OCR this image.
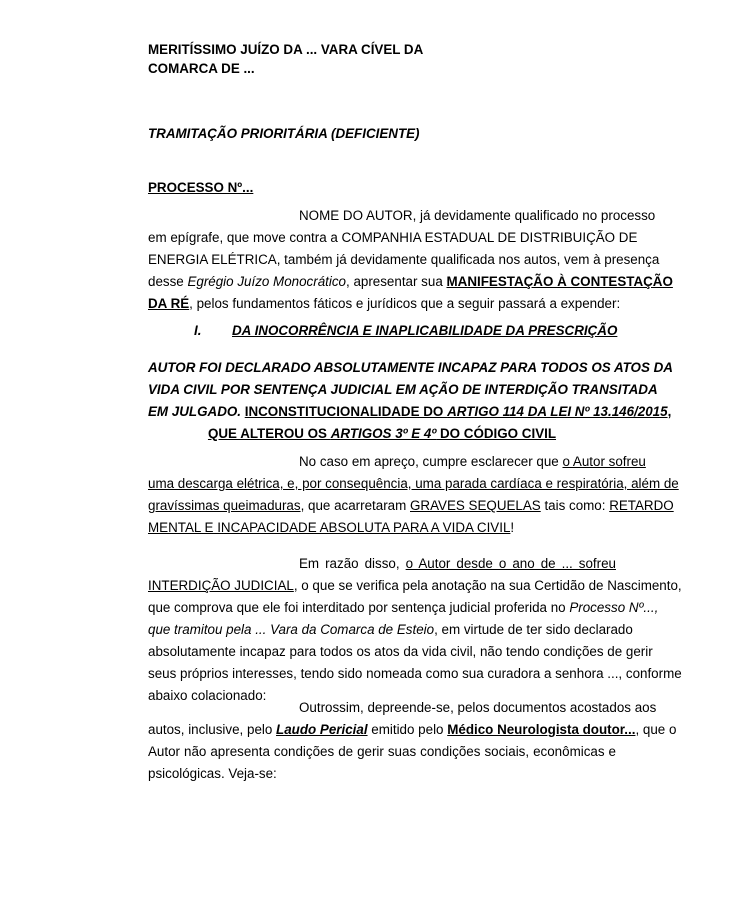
MERITÍSSIMO JUÍZO DA ... VARA CÍVEL DA
COMARCA DE ...
TRAMITAÇÃO PRIORITÁRIA (DEFICIENTE)
PROCESSO Nº...
NOME DO AUTOR, já devidamente qualificado no processo
em epígrafe, que move contra a COMPANHIA ESTADUAL DE DISTRIBUIÇÃO DE
ENERGIA ELÉTRICA, também já devidamente qualificada nos autos, vem à presença
desse Egrégio Juízo Monocrático, apresentar sua MANIFESTAÇÃO À CONTESTAÇÃO
DA RÉ, pelos fundamentos fáticos e jurídicos que a seguir passará a expender:
I. DA INOCORRÊNCIA E INAPLICABILIDADE DA PRESCRIÇÃO
AUTOR FOI DECLARADO ABSOLUTAMENTE INCAPAZ PARA TODOS OS ATOS DA
VIDA CIVIL POR SENTENÇA JUDICIAL EM AÇÃO DE INTERDIÇÃO TRANSITADA
EM JULGADO. INCONSTITUCIONALIDADE DO ARTIGO 114 DA LEI Nº 13.146/2015,
QUE ALTEROU OS ARTIGOS 3º E 4º DO CÓDIGO CIVIL
No caso em apreço, cumpre esclarecer que o Autor sofreu
uma descarga elétrica, e, por consequência, uma parada cardíaca e respiratória, além de
gravíssimas queimaduras, que acarretaram GRAVES SEQUELAS tais como: RETARDO
MENTAL E INCAPACIDADE ABSOLUTA PARA A VIDA CIVIL!
Em razão disso, o Autor desde o ano de ... sofreu
INTERDIÇÃO JUDICIAL, o que se verifica pela anotação na sua Certidão de Nascimento,
que comprova que ele foi interditado por sentença judicial proferida no Processo Nº...,
que tramitou pela ... Vara da Comarca de Esteio, em virtude de ter sido declarado
absolutamente incapaz para todos os atos da vida civil, não tendo condições de gerir
seus próprios interesses, tendo sido nomeada como sua curadora a senhora ..., conforme
abaixo colacionado:
Outrossim, depreende-se, pelos documentos acostados aos
autos, inclusive, pelo Laudo Pericial emitido pelo Médico Neurologista doutor..., que o
Autor não apresenta condições de gerir suas condições sociais, econômicas e
psicológicas. Veja-se:
